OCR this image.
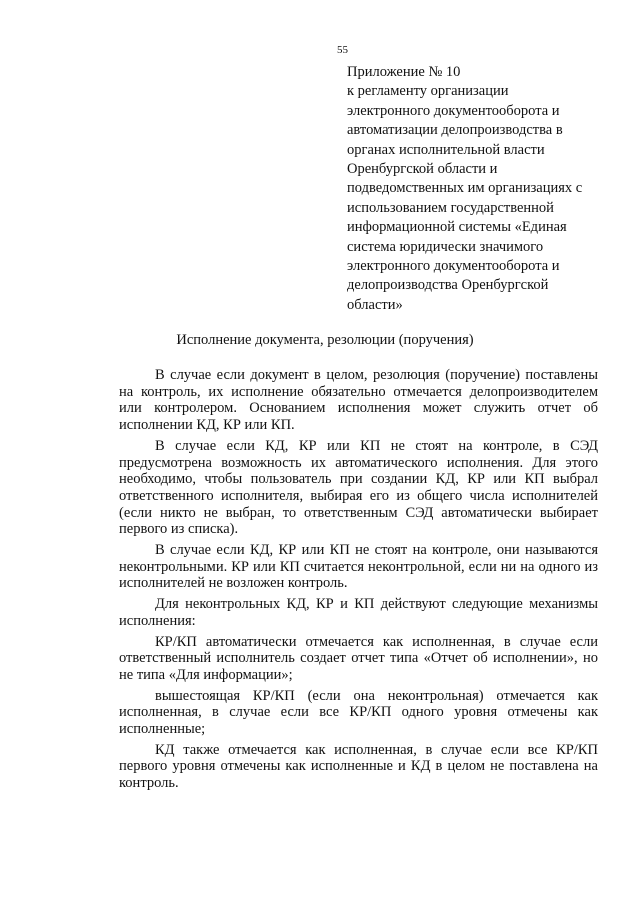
55
Приложение № 10
к регламенту организации
электронного документооборота и
автоматизации делопроизводства в
органах исполнительной власти
Оренбургской области и
подведомственных им организациях с
использованием государственной
информационной системы «Единая
система юридически значимого
электронного документооборота и
делопроизводства Оренбургской
области»
Исполнение документа, резолюции (поручения)

В случае если документ в целом, резолюция (поручение) поставлены на контроль, их исполнение обязательно отмечается делопроизводителем или контролером. Основанием исполнения может служить отчет об исполнении КД, КР или КП.

В случае если КД, КР или КП не стоят на контроле, в СЭД предусмотрена возможность их автоматического исполнения. Для этого необходимо, чтобы пользователь при создании КД, КР или КП выбрал ответственного исполнителя, выбирая его из общего числа исполнителей (если никто не выбран, то ответственным СЭД автоматически выбирает первого из списка).

В случае если КД, КР или КП не стоят на контроле, они называются неконтрольными. КР или КП считается неконтрольной, если ни на одного из исполнителей не возложен контроль.

Для неконтрольных КД, КР и КП действуют следующие механизмы исполнения:

КР/КП автоматически отмечается как исполненная, в случае если ответственный исполнитель создает отчет типа «Отчет об исполнении», но не типа «Для информации»;

вышестоящая КР/КП (если она неконтрольная) отмечается как исполненная, в случае если все КР/КП одного уровня отмечены как исполненные;

КД также отмечается как исполненная, в случае если все КР/КП первого уровня отмечены как исполненные и КД в целом не поставлена на контроль.
